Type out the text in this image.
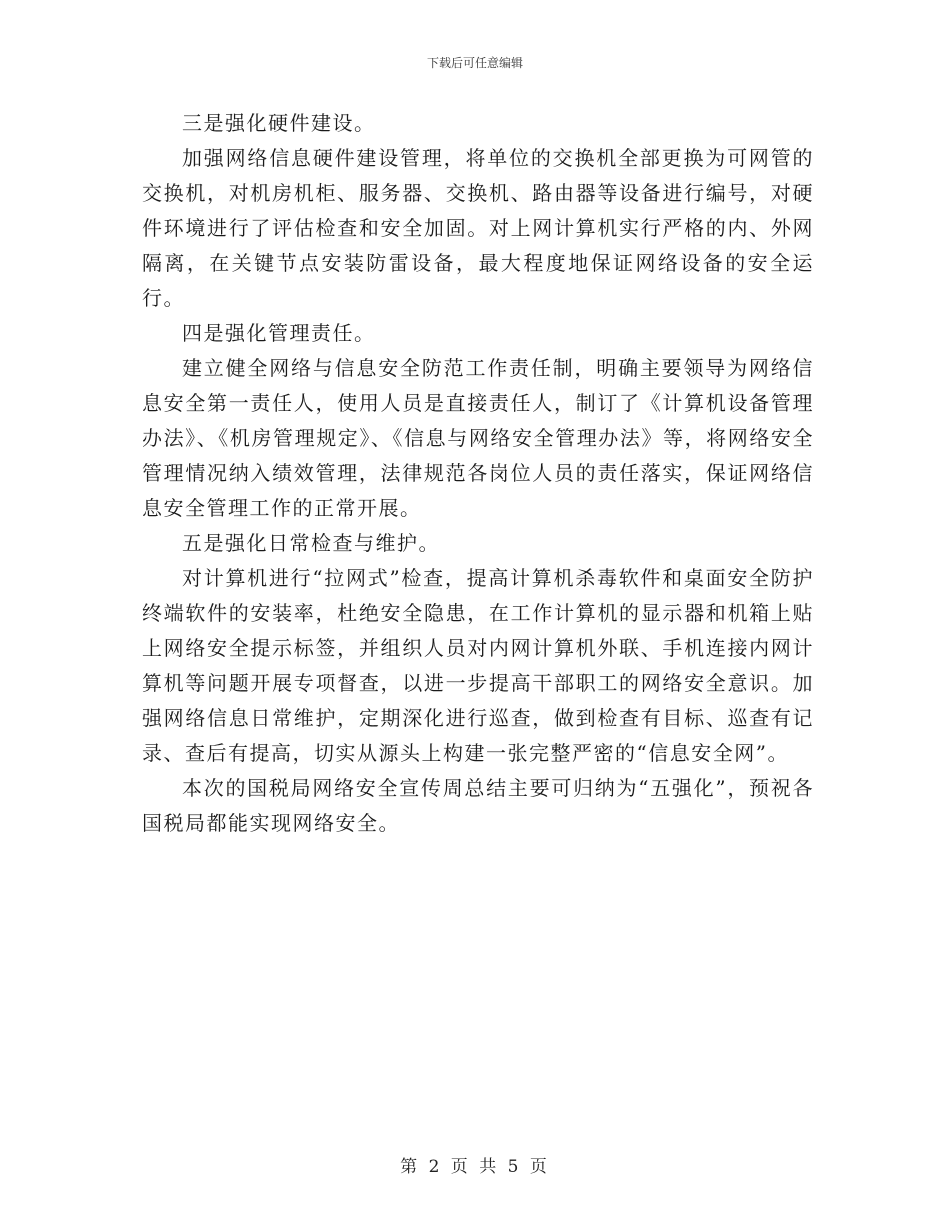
下载后可任意编辑

三是强化硬件建设。

加强网络信息硬件建设管理，将单位的交换机全部更换为可网管的交换机，对机房机柜、服务器、交换机、路由器等设备进行编号，对硬件环境进行了评估检查和安全加固。对上网计算机实行严格的内、外网隔离，在关键节点安装防雷设备，最大程度地保证网络设备的安全运行。

四是强化管理责任。

建立健全网络与信息安全防范工作责任制，明确主要领导为网络信息安全第一责任人，使用人员是直接责任人，制订了《计算机设备管理办法》、《机房管理规定》、《信息与网络安全管理办法》等，将网络安全管理情况纳入绩效管理，法律规范各岗位人员的责任落实，保证网络信息安全管理工作的正常开展。

五是强化日常检查与维护。

对计算机进行“拉网式”检查，提高计算机杀毒软件和桌面安全防护终端软件的安装率，杜绝安全隐患，在工作计算机的显示器和机箱上贴上网络安全提示标签，并组织人员对内网计算机外联、手机连接内网计算机等问题开展专项督查，以进一步提高干部职工的网络安全意识。加强网络信息日常维护，定期深化进行巡查，做到检查有目标、巡查有记录、查后有提高，切实从源头上构建一张完整严密的“信息安全网”。

本次的国税局网络安全宣传周总结主要可归纳为“五强化”，预祝各国税局都能实现网络安全。

第 2 页 共 5 页
